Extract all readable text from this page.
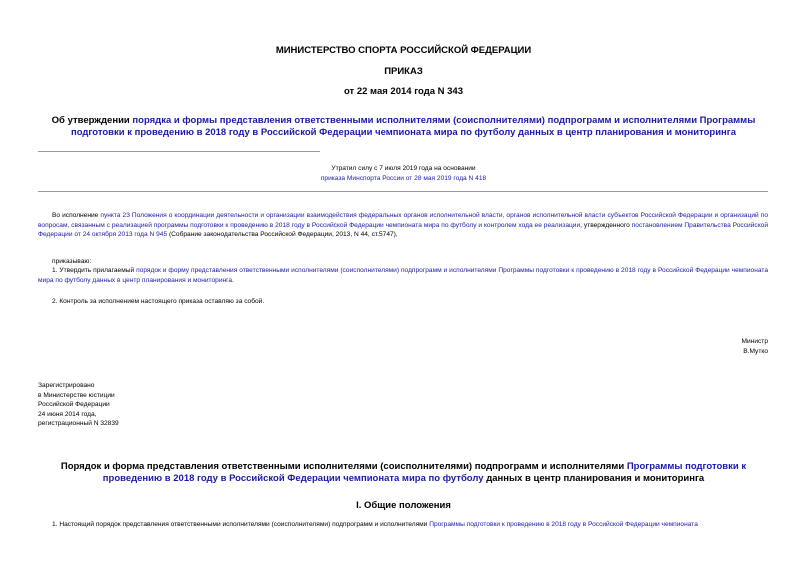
МИНИСТЕРСТВО СПОРТА РОССИЙСКОЙ ФЕДЕРАЦИИ
ПРИКАЗ
от 22 мая 2014 года N 343
Об утверждении порядка и формы представления ответственными исполнителями (соисполнителями) подпрограмм и исполнителями Программы подготовки к проведению в 2018 году в Российской Федерации чемпионата мира по футболу данных в центр планирования и мониторинга
Утратил силу с 7 июля 2019 года на основании
приказа Минспорта России от 28 мая 2019 года N 418
Во исполнение пункта 23 Положения о координации деятельности и организации взаимодействия федеральных органов исполнительной власти, органов исполнительной власти субъектов Российской Федерации и организаций по вопросам, связанным с реализацией программы подготовки к проведению в 2018 году в Российской Федерации чемпионата мира по футболу и контролем хода ее реализации, утвержденного постановлением Правительства Российской Федерации от 24 октября 2013 года N 945 (Собрание законодательства Российской Федерации, 2013, N 44, ст.5747),
приказываю:
1. Утвердить прилагаемый порядок и форму представления ответственными исполнителями (соисполнителями) подпрограмм и исполнителями Программы подготовки к проведению в 2018 году в Российской Федерации чемпионата мира по футболу данных в центр планирования и мониторинга.
2. Контроль за исполнением настоящего приказа оставляю за собой.
Министр
В.Мутко
Зарегистрировано
в Министерстве юстиции
Российской Федерации
24 июня 2014 года,
регистрационный N 32839
Порядок и форма представления ответственными исполнителями (соисполнителями) подпрограмм и исполнителями Программы подготовки к проведению в 2018 году в Российской Федерации чемпионата мира по футболу данных в центр планирования и мониторинга
I. Общие положения
1. Настоящий порядок представления ответственными исполнителями (соисполнителями) подпрограмм и исполнителями Программы подготовки к проведению в 2018 году в Российской Федерации чемпионата
